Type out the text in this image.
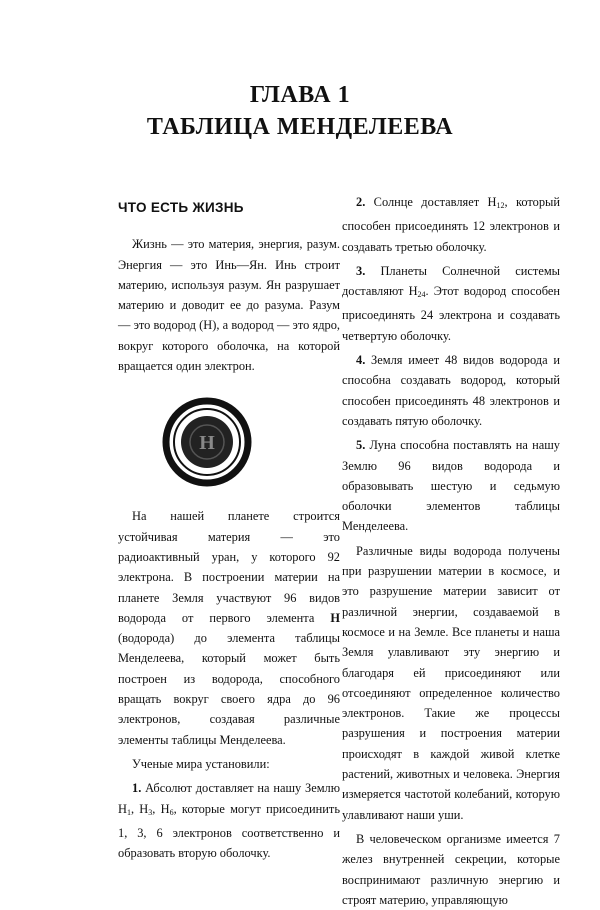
ГЛАВА 1
ТАБЛИЦА МЕНДЕЛЕЕВА
ЧТО ЕСТЬ ЖИЗНЬ

Жизнь — это материя, энергия, разум. Энергия — это Инь—Ян. Инь строит материю, используя разум. Ян разрушает материю и доводит ее до разума. Разум — это водород (Н), а водород — это ядро, вокруг которого оболочка, на которой вращается один электрон.

H

На нашей планете строится устойчивая материя — это радиоактивный уран, у которого 92 электрона. В построении материи на планете Земля участвуют 96 видов водорода от первого элемента Н (водорода) до элемента таблицы Менделеева, который может быть построен из водорода, способного вращать вокруг своего ядра до 96 электронов, создавая различные элементы таблицы Менделеева.

Ученые мира установили:

1. Абсолют доставляет на нашу Землю $Н_1$, $Н_3$, $Н_6$, которые могут присоединить 1, 3, 6 электронов соответственно и образовать вторую оболочку.

2. Солнце доставляет $Н_{12}$, который способен присоединять 12 электронов и создавать третью оболочку.

3. Планеты Солнечной системы доставляют $Н_{24}$. Этот водород способен присоединять 24 электрона и создавать четвертую оболочку.

4. Земля имеет 48 видов водорода и способна создавать водород, который способен присоединять 48 электронов и создавать пятую оболочку.

5. Луна способна поставлять на нашу Землю 96 видов водорода и образовывать шестую и седьмую оболочки элементов таблицы Менделеева.

Различные виды водорода получены при разрушении материи в космосе, и это разрушение материи зависит от различной энергии, создаваемой в космосе и на Земле. Все планеты и наша Земля улавливают эту энергию и благодаря ей присоединяют или отсоединяют определенное количество электронов. Такие же процессы разрушения и построения материи происходят в каждой живой клетке растений, животных и человека. Энергия измеряется частотой колебаний, которую улавливают наши уши.

В человеческом организме имеется 7 желез внутренней секреции, которые воспринимают различную энергию и строят материю, управляющую
